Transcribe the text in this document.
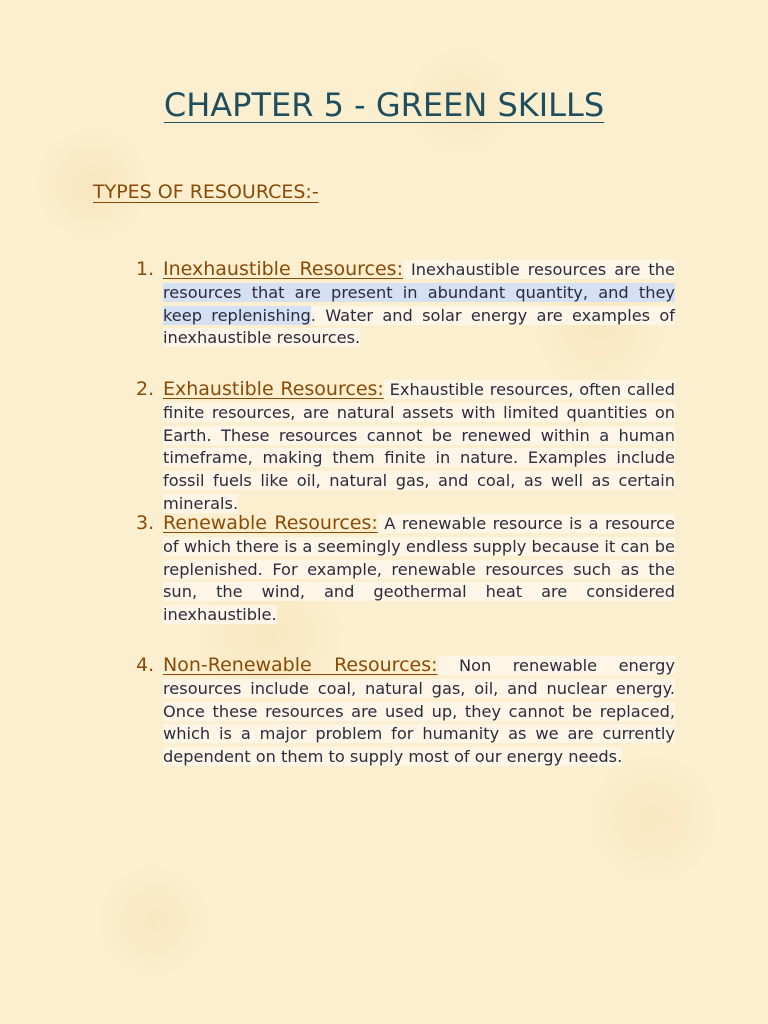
CHAPTER 5 - GREEN SKILLS
TYPES OF RESOURCES:-
1. Inexhaustible Resources: Inexhaustible resources are the resources that are present in abundant quantity, and they keep replenishing. Water and solar energy are examples of inexhaustible resources.

2. Exhaustible Resources: Exhaustible resources, often called finite resources, are natural assets with limited quantities on Earth. These resources cannot be renewed within a human timeframe, making them finite in nature. Examples include fossil fuels like oil, natural gas, and coal, as well as certain minerals.

3. Renewable Resources: A renewable resource is a resource of which there is a seemingly endless supply because it can be replenished. For example, renewable resources such as the sun, the wind, and geothermal heat are considered inexhaustible.

4. Non-Renewable Resources: Non renewable energy resources include coal, natural gas, oil, and nuclear energy. Once these resources are used up, they cannot be replaced, which is a major problem for humanity as we are currently dependent on them to supply most of our energy needs.
